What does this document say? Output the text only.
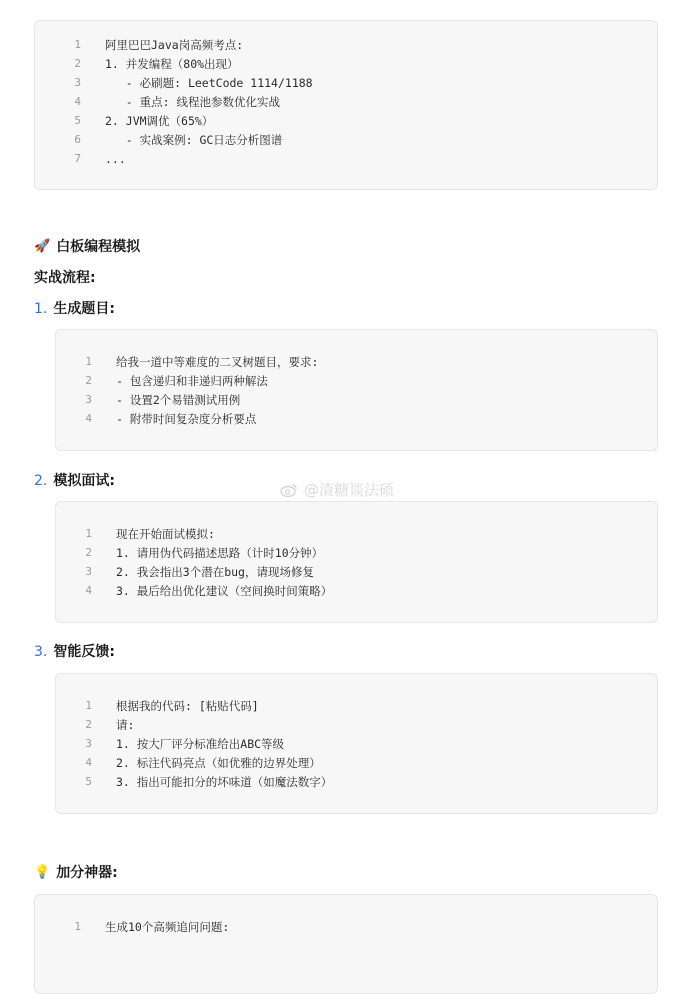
1 阿里巴巴Java岗高频考点:
2 1. 并发编程（80%出现）
3 - 必刷题: LeetCode 1114/1188
4 - 重点: 线程池参数优化实战
5 2. JVM调优（65%）
6 - 实战案例: GC日志分析图谱
7 ...
🚀 白板编程模拟
实战流程:
1. 生成题目:
1 给我一道中等难度的二叉树题目，要求:
2 - 包含递归和非递归两种解法
3 - 设置2个易错测试用例
4 - 附带时间复杂度分析要点
2. 模拟面试:	@渣糖谈法硕
1 现在开始面试模拟:
2 1. 请用伪代码描述思路（计时10分钟）
3 2. 我会指出3个潜在bug，请现场修复
4 3. 最后给出优化建议（空间换时间策略）
3. 智能反馈:
1 根据我的代码: [粘贴代码]
2 请:
3 1. 按大厂评分标准给出ABC等级
4 2. 标注代码亮点（如优雅的边界处理）
5 3. 指出可能扣分的坏味道（如魔法数字）
💡 加分神器:
1 生成10个高频追问问题:
